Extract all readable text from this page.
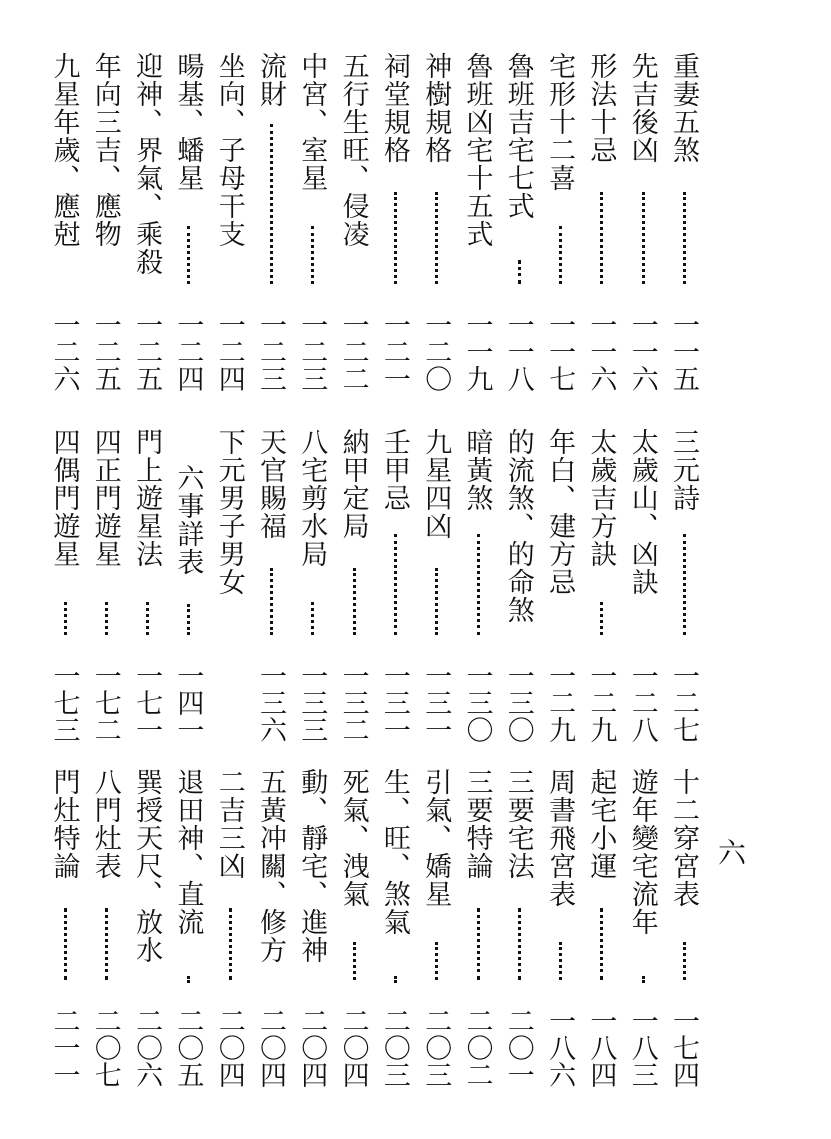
重妻五煞
一一五
先吉後凶
一一六
形法十忌
一一六
宅形十二喜
一一七
魯班吉宅七式
一一八
魯班凶宅十五式
一一九
神樹規格
一二〇
祠堂規格
一二一
五行生旺、侵凌
一二二
中宮、室星
一二三
流財
一二三
坐向、子母干支
一二四
暘基、蟠星
一二四
迎神、界氣、乘殺
一二五
年向三吉、應物
一二五
九星年歲、應尅
一二六
三元詩
一二七
太歲山、凶訣
一二八
太歲吉方訣
一二九
年白、建方忌
一二九
的流煞、的命煞
一三〇
暗黃煞
一三〇
九星四凶
一三一
壬甲忌
一三一
納甲定局
一三二
八宅剪水局
一三三
天官賜福
一三六
下元男子男女
六事詳表
一四一
門上遊星法
一七一
四正門遊星
一七二
四偶門遊星
一七三
十二穿宮表
一七四
遊年變宅流年
一八三
起宅小運
一八四
周書飛宮表
一八六
三要宅法
二〇一
三要特論
二〇二
引氣、嬌星
二〇三
生、旺、煞氣
二〇三
死氣、洩氣
二〇四
動、靜宅、進神
二〇四
五黃冲關、修方
二〇四
二吉三凶
二〇四
退田神、直流
二〇五
巽授天尺、放水
二〇六
八門灶表
二〇七
門灶特論
二一一
六
